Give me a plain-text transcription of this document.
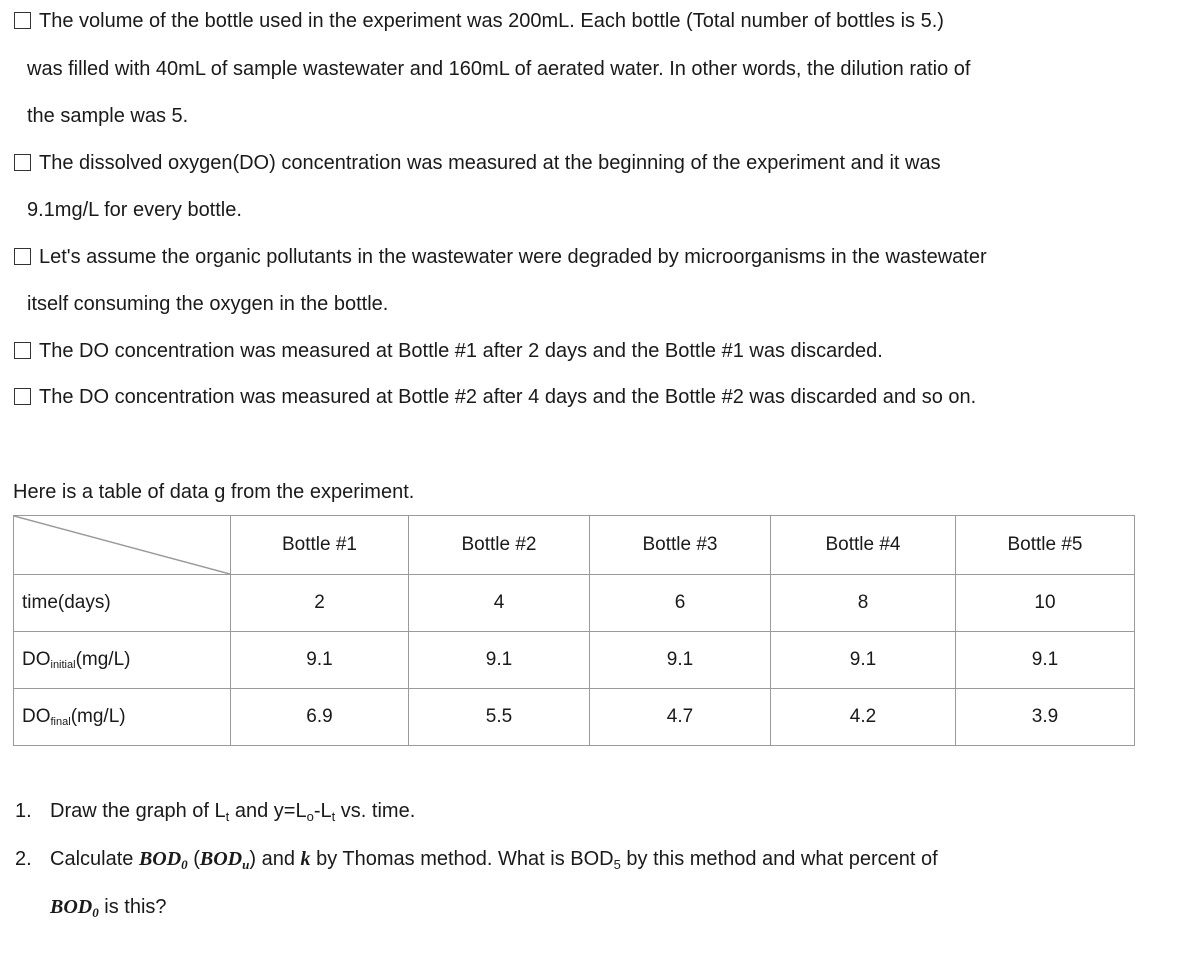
The volume of the bottle used in the experiment was 200mL. Each bottle (Total number of bottles is 5.)
was filled with 40mL of sample wastewater and 160mL of aerated water. In other words, the dilution ratio of
the sample was 5.
The dissolved oxygen(DO) concentration was measured at the beginning of the experiment and it was
9.1mg/L for every bottle.
Let's assume the organic pollutants in the wastewater were degraded by microorganisms in the wastewater
itself consuming the oxygen in the bottle.
The DO concentration was measured at Bottle #1 after 2 days and the Bottle #1 was discarded.
The DO concentration was measured at Bottle #2 after 4 days and the Bottle #2 was discarded and so on.
Here is a table of data g from the experiment.
	Bottle #1	Bottle #2	Bottle #3	Bottle #4	Bottle #5
time(days)	2	4	6	8	10
$DO_{initial}(mg/L)$	9.1	9.1	9.1	9.1	9.1
$DO_{final}(mg/L)$	6.9	5.5	4.7	4.2	3.9
1. Draw the graph of $L_t$ and $y=L_o-L_t$ vs. time.
2. Calculate $BOD_0$ $(BOD_u)$ and k by Thomas method. What is $BOD_5$ by this method and what percent of
$BOD_0$ is this?
